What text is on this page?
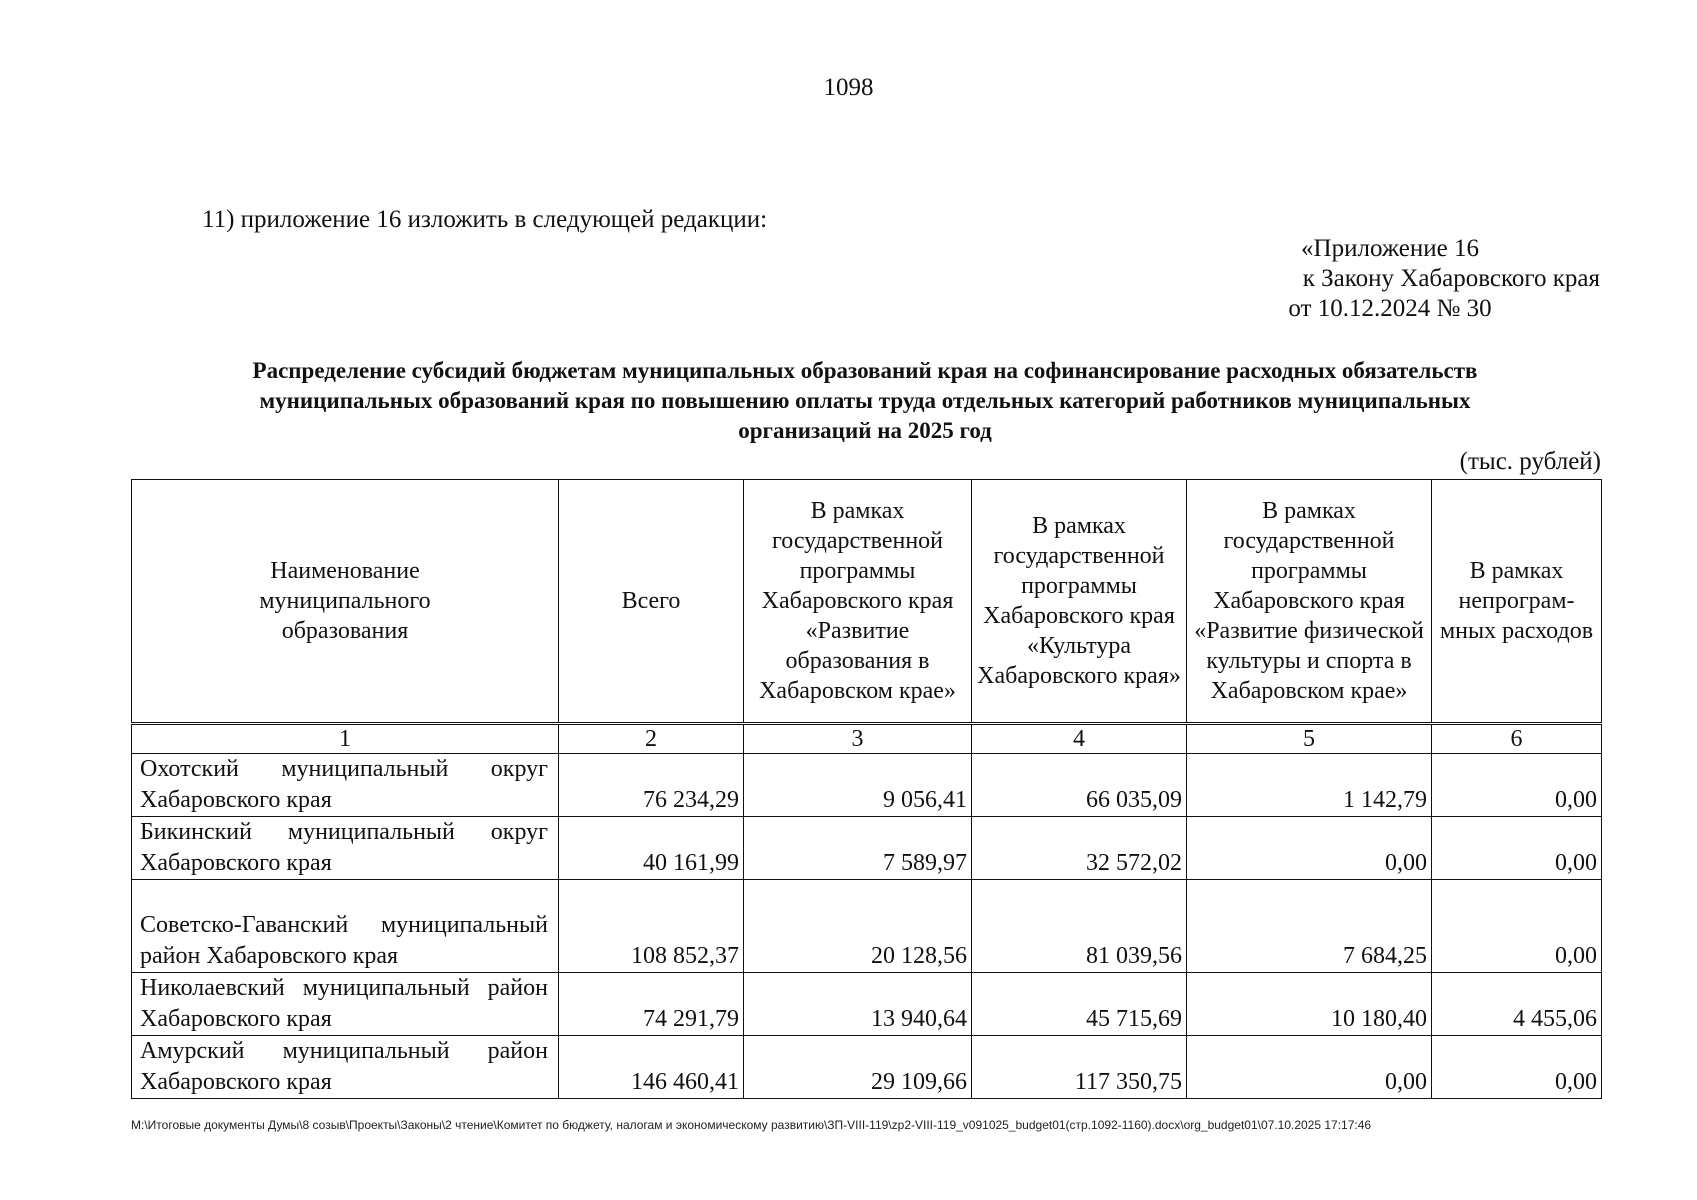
1098
11) приложение 16 изложить в следующей редакции:
«Приложение 16
к Закону Хабаровского края
от 10.12.2024 № 30
Распределение субсидий бюджетам муниципальных образований края на софинансирование расходных обязательств
муниципальных образований края по повышению оплаты труда отдельных категорий работников муниципальных
организаций на 2025 год
(тыс. рублей)
Наименование муниципального образования	Всего	В рамках государственной программы Хабаровского края «Развитие образования в Хабаровском крае»	В рамках государственной программы Хабаровского края «Культура Хабаровского края»	В рамках государственной программы Хабаровского края «Развитие физической культуры и спорта в Хабаровском крае»	В рамках непрограм- мных расходов
1	2	3	4	5	6
Охотский муниципальный округ Хабаровского края	76 234,29	9 056,41	66 035,09	1 142,79	0,00
Бикинский муниципальный округ Хабаровского края	40 161,99	7 589,97	32 572,02	0,00	0,00
Советско-Гаванский муниципальный район Хабаровского края	108 852,37	20 128,56	81 039,56	7 684,25	0,00
Николаевский муниципальный район Хабаровского края	74 291,79	13 940,64	45 715,69	10 180,40	4 455,06
Амурский муниципальный район Хабаровского края	146 460,41	29 109,66	117 350,75	0,00	0,00
M:\Итоговые документы Думы\8 созыв\Проекты\Законы\2 чтение\Комитет по бюджету, налогам и экономическому развитию\ЗП-VIII-119\zp2-VIII-119_v091025_budget01(стр.1092-1160).docx\org_budget01\07.10.2025 17:17:46
